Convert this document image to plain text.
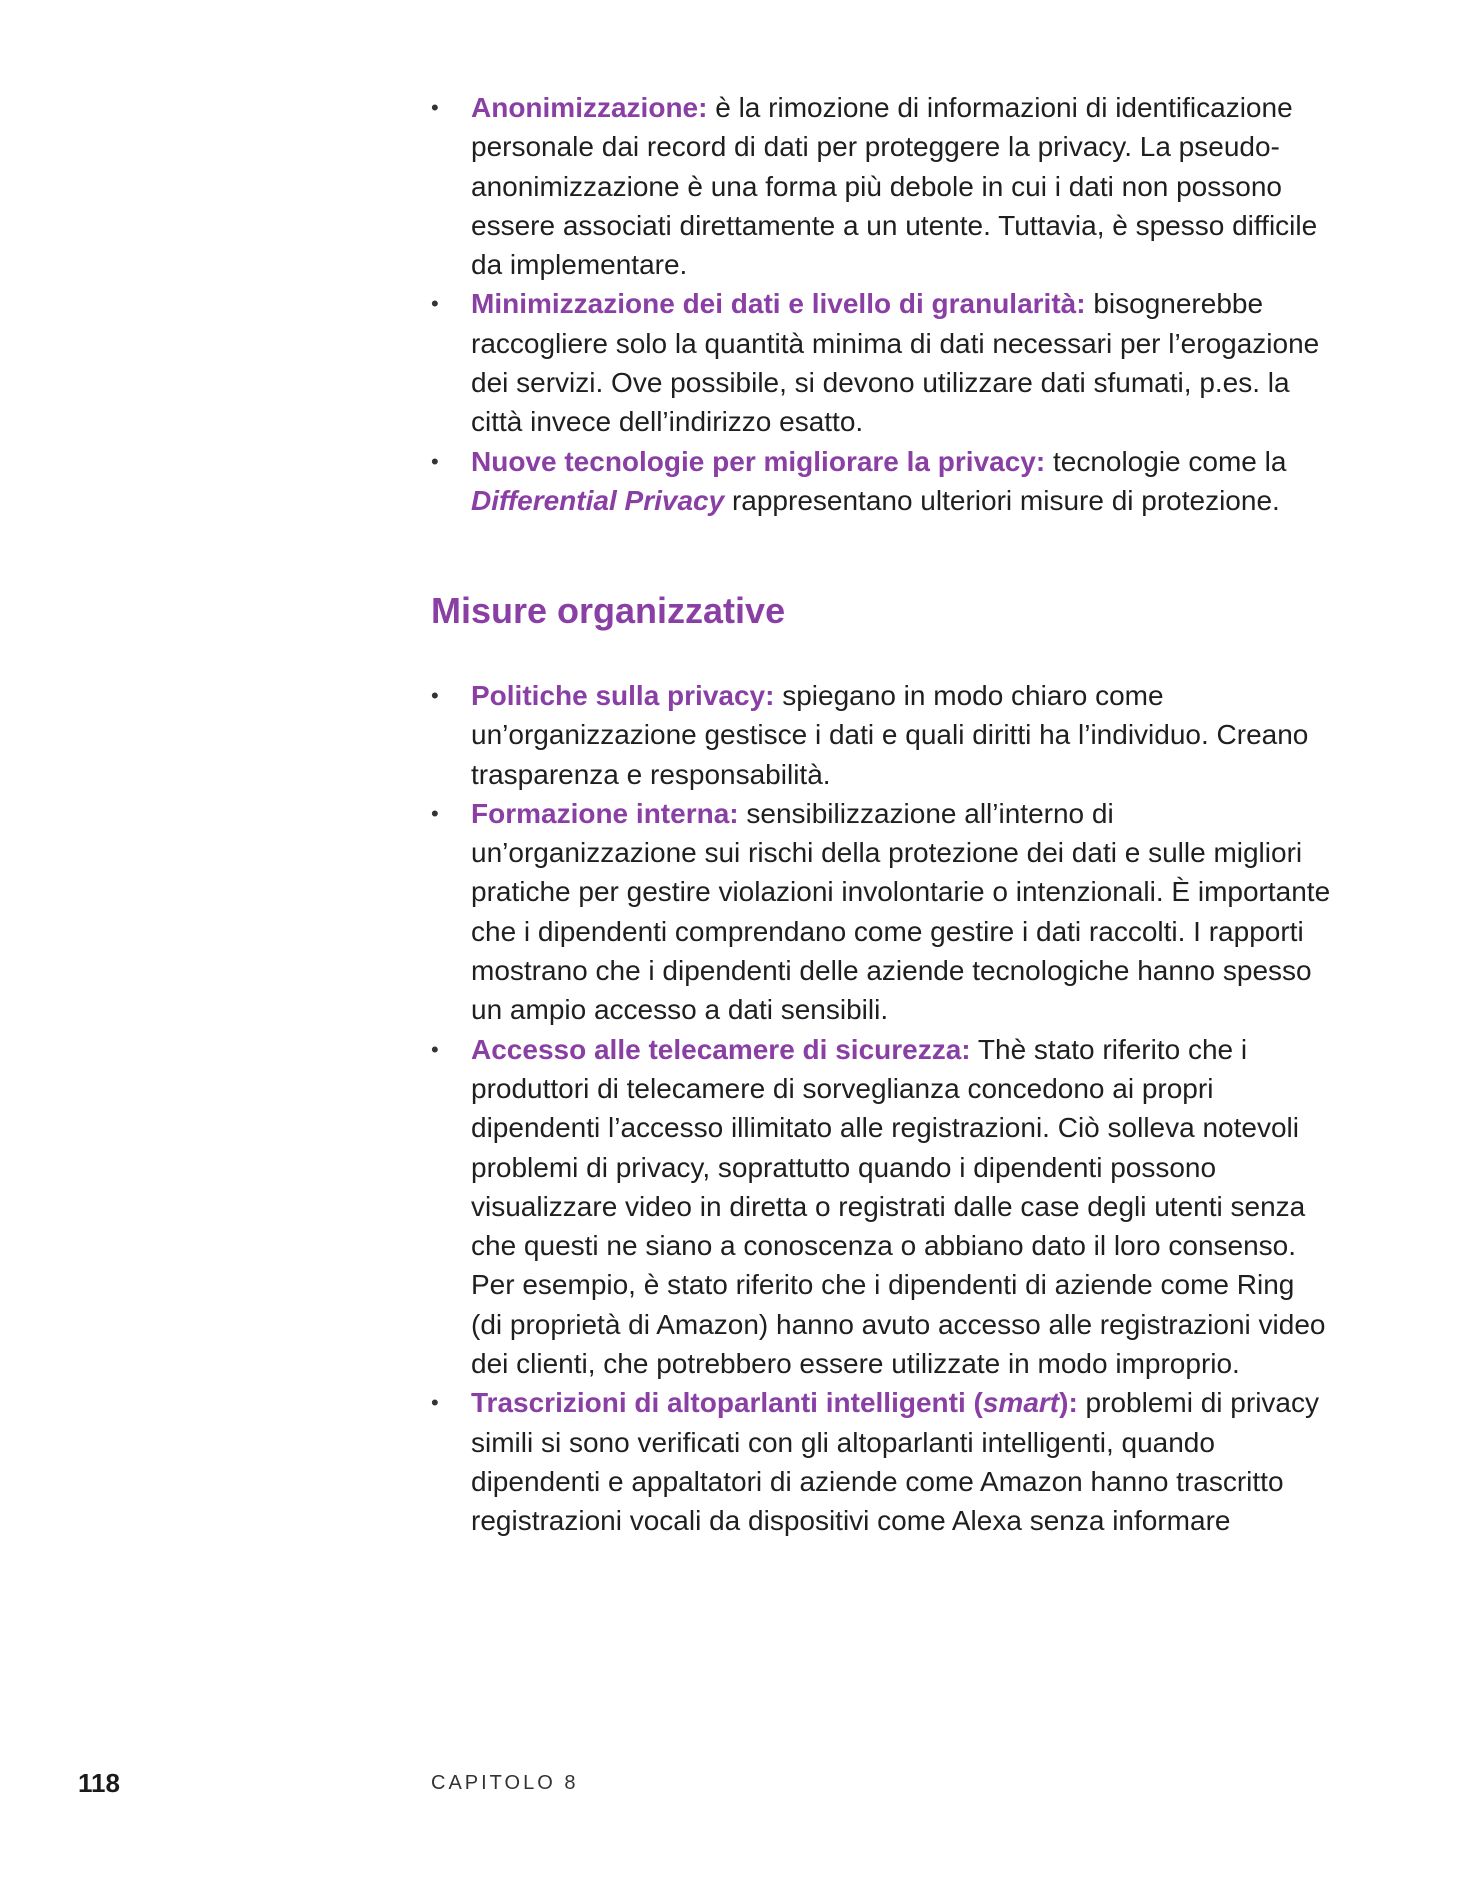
•	Anonimizzazione: è la rimozione di informazioni di identificazione personale dai record di dati per proteggere la privacy. La pseudo-anonimizzazione è una forma più debole in cui i dati non possono essere associati direttamente a un utente. Tuttavia, è spesso difficile da implementare.
•	Minimizzazione dei dati e livello di granularità: bisognerebbe raccogliere solo la quantità minima di dati necessari per l’erogazione dei servizi. Ove possibile, si devono utilizzare dati sfumati, p.es. la città invece dell’indirizzo esatto.
•	Nuove tecnologie per migliorare la privacy: tecnologie come la Differential Privacy rappresentano ulteriori misure di protezione.
Misure organizzative
•	Politiche sulla privacy: spiegano in modo chiaro come un’organizzazione gestisce i dati e quali diritti ha l’individuo. Creano trasparenza e responsabilità.
•	Formazione interna: sensibilizzazione all’interno di un’organizzazione sui rischi della protezione dei dati e sulle migliori pratiche per gestire violazioni involontarie o intenzionali. È importante che i dipendenti comprendano come gestire i dati raccolti. I rapporti mostrano che i dipendenti delle aziende tecnologiche hanno spesso un ampio accesso a dati sensibili.
•	Accesso alle telecamere di sicurezza: Thè stato riferito che i produttori di telecamere di sorveglianza concedono ai propri dipendenti l’accesso illimitato alle registrazioni. Ciò solleva notevoli problemi di privacy, soprattutto quando i dipendenti possono visualizzare video in diretta o registrati dalle case degli utenti senza che questi ne siano a conoscenza o abbiano dato il loro consenso. Per esempio, è stato riferito che i dipendenti di aziende come Ring (di proprietà di Amazon) hanno avuto accesso alle registrazioni video dei clienti, che potrebbero essere utilizzate in modo improprio.
•	Trascrizioni di altoparlanti intelligenti (smart): problemi di privacy simili si sono verificati con gli altoparlanti intelligenti, quando dipendenti e appaltatori di aziende come Amazon hanno trascritto registrazioni vocali da dispositivi come Alexa senza informare
118	CAPITOLO 8
